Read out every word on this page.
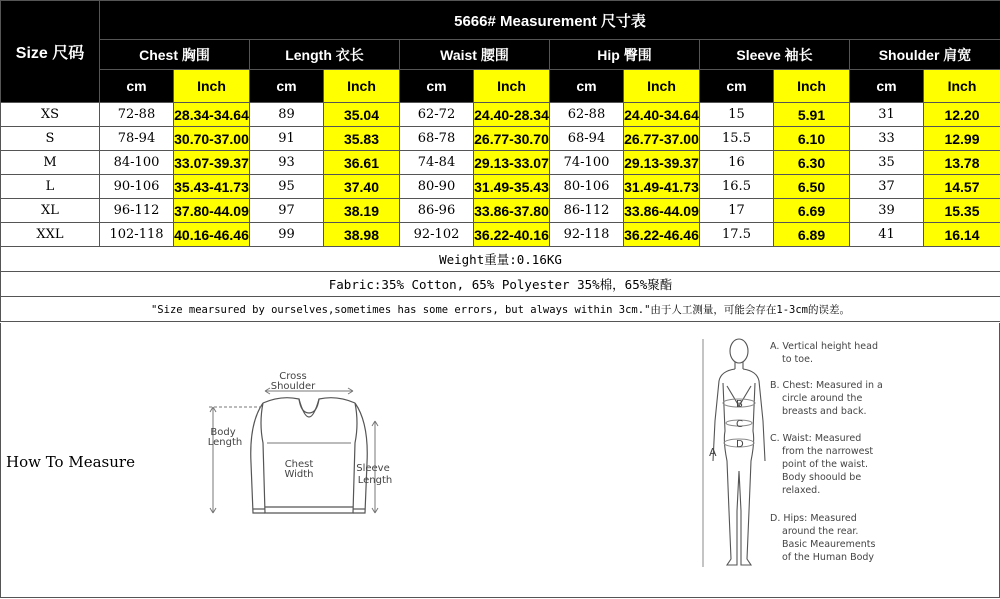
Size 尺码	5666# Measurement 尺寸表											
	Chest 胸围		Length 衣长		Waist 腰围		Hip 臀围		Sleeve 袖长		Shoulder 肩宽	
	cm	Inch	cm	Inch	cm	Inch	cm	Inch	cm	Inch	cm	Inch
XS	72-88	28.34-34.64	89	35.04	62-72	24.40-28.34	62-88	24.40-34.64	15	5.91	31	12.20
S	78-94	30.70-37.00	91	35.83	68-78	26.77-30.70	68-94	26.77-37.00	15.5	6.10	33	12.99
M	84-100	33.07-39.37	93	36.61	74-84	29.13-33.07	74-100	29.13-39.37	16	6.30	35	13.78
L	90-106	35.43-41.73	95	37.40	80-90	31.49-35.43	80-106	31.49-41.73	16.5	6.50	37	14.57
XL	96-112	37.80-44.09	97	38.19	86-96	33.86-37.80	86-112	33.86-44.09	17	6.69	39	15.35
XXL	102-118	40.16-46.46	99	38.98	92-102	36.22-40.16	92-118	36.22-46.46	17.5	6.89	41	16.14
Weight重量:0.16KG												
Fabric:35% Cotton, 65% Polyester 35%棉，65%聚酯												
"Size mearsured by ourselves,sometimes has some errors, but always within 3cm."由于人工测量，可能会存在1-3cm的误差。												
How To Measure
Cross
Shoulder
Body
Length
Chest
Width
Sleeve
Length
A
B
C
D
A. Vertical height head
to toe.
B. Chest: Measured in a
circle around the
breasts and back.
C. Waist: Measured
from the narrowest
point of the waist.
Body shoould be
relaxed.
D. Hips: Measured
around the rear.
Basic Meaurements
of the Human Body
